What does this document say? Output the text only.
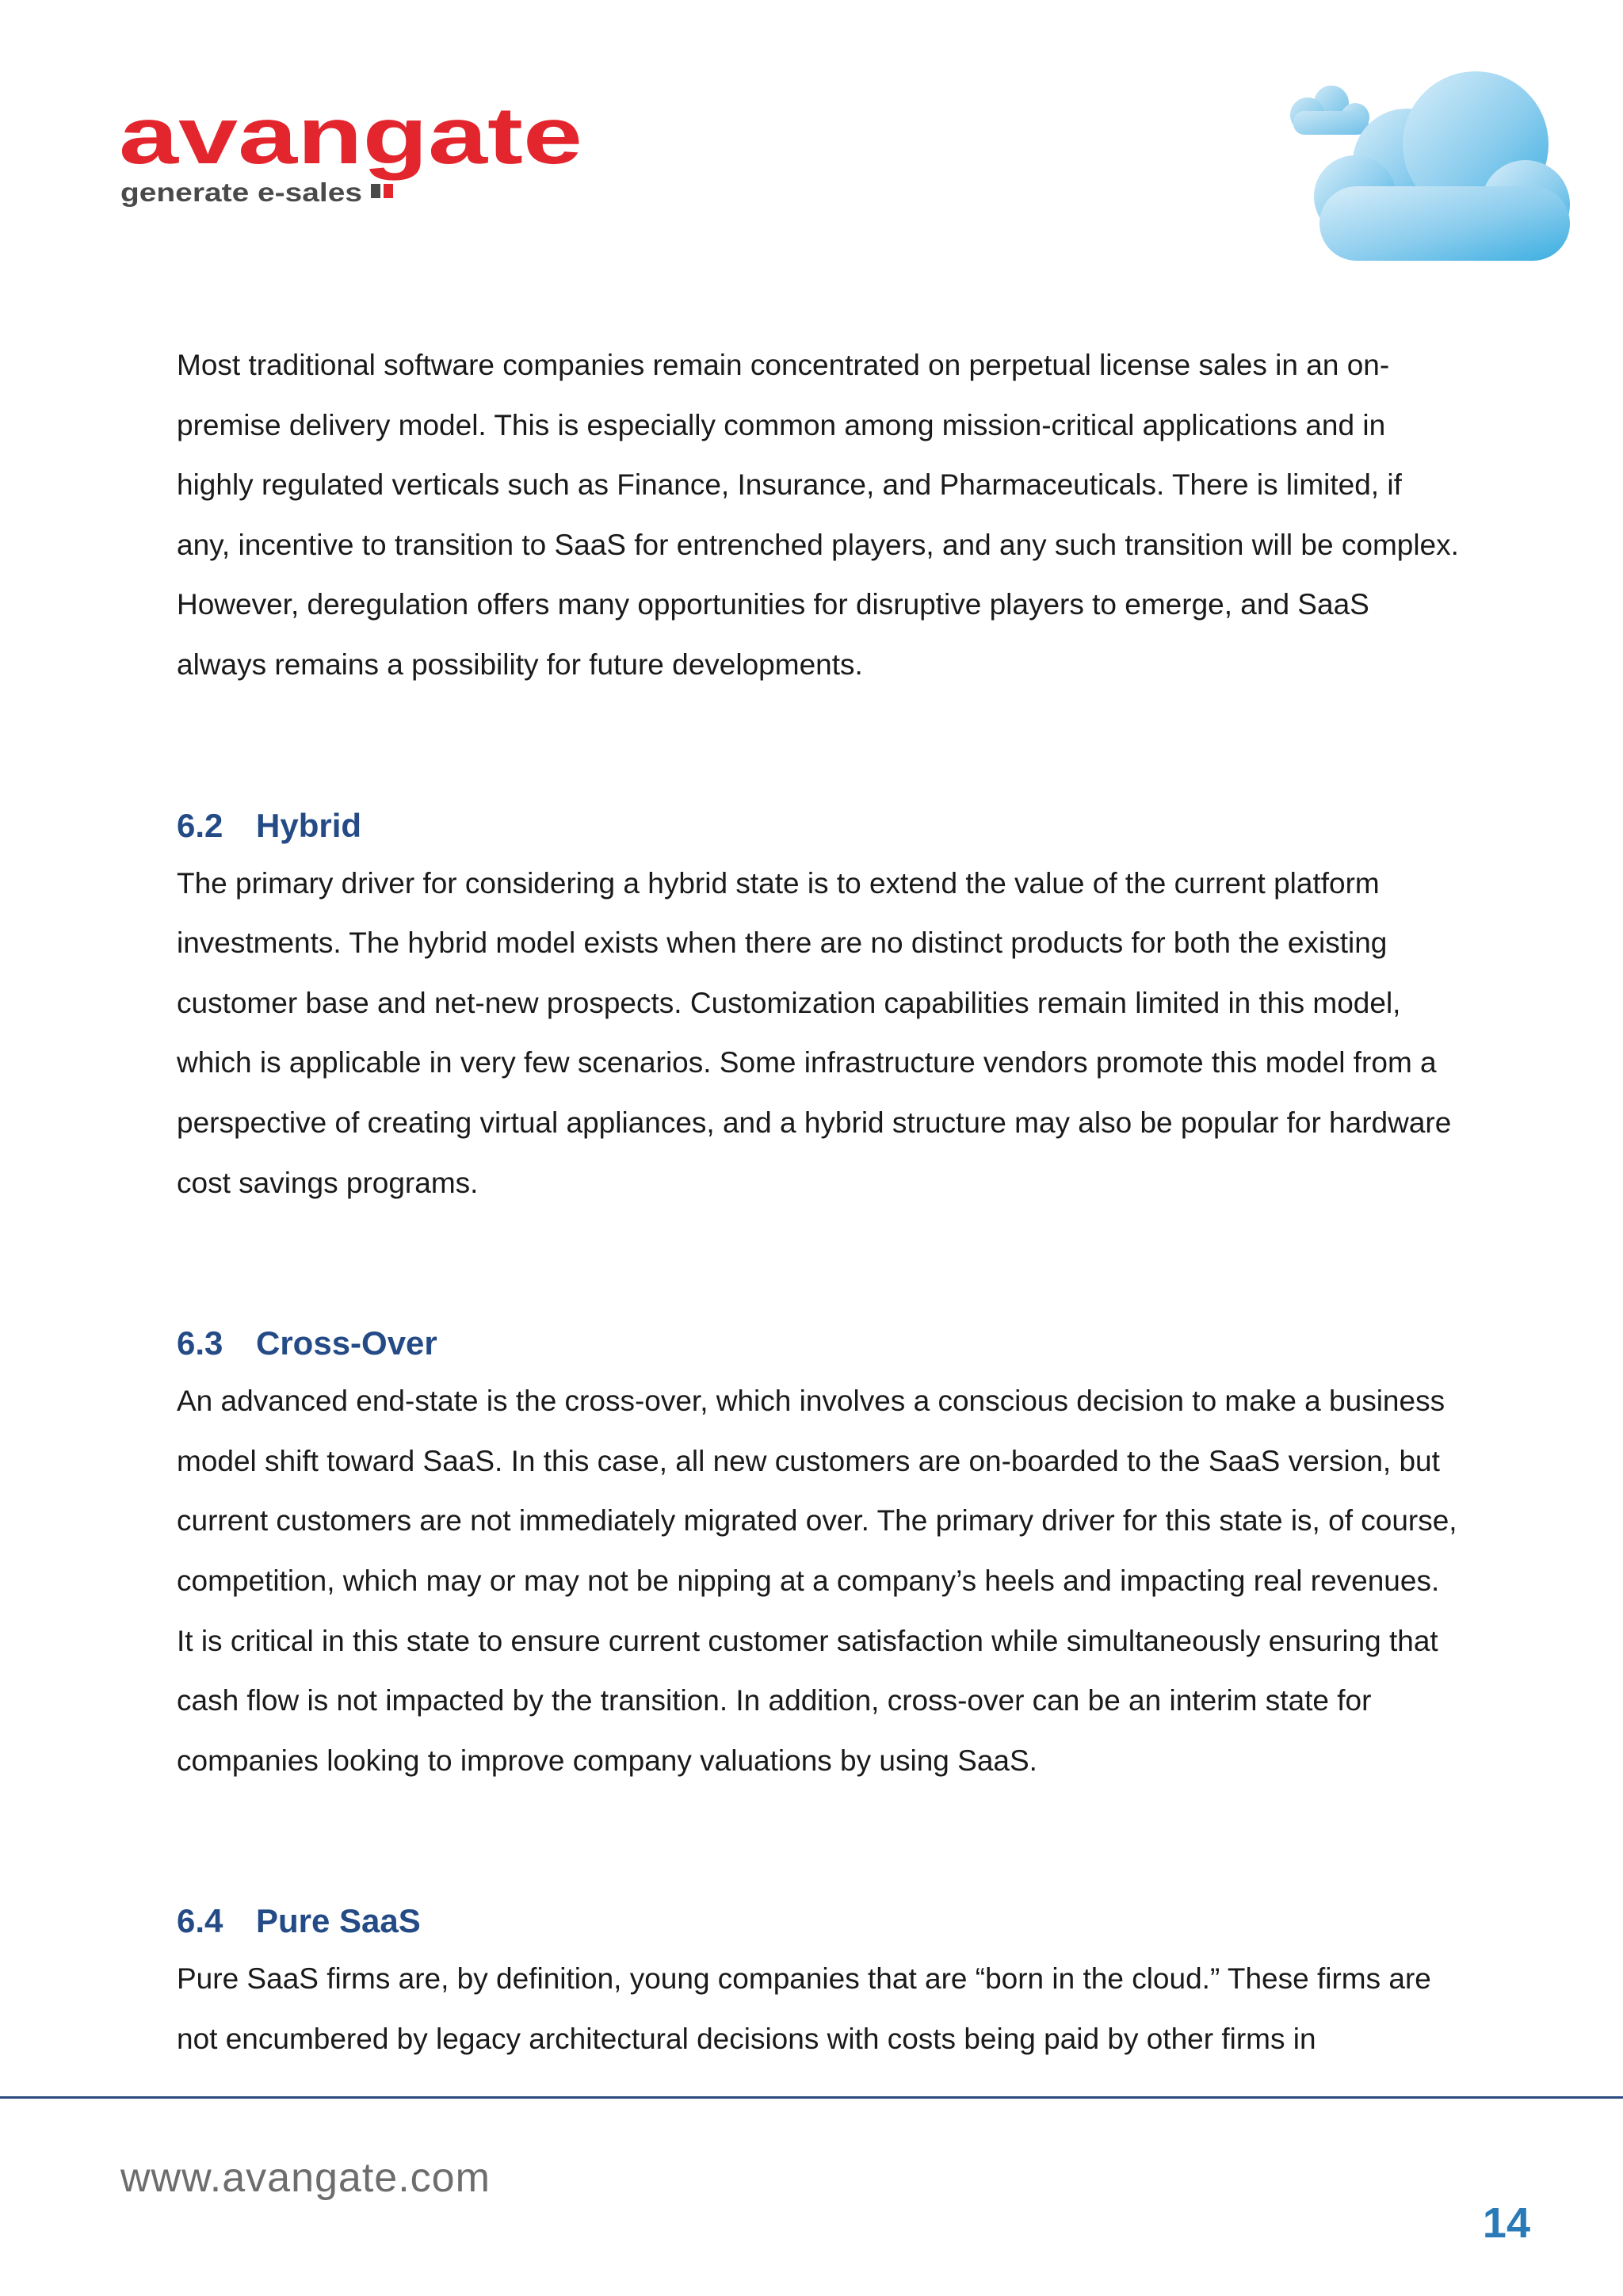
avangate
generate e-sales

Most traditional software companies remain concentrated on perpetual license sales in an on-premise delivery model. This is especially common among mission-critical applications and in highly regulated verticals such as Finance, Insurance, and Pharmaceuticals. There is limited, if any, incentive to transition to SaaS for entrenched players, and any such transition will be complex. However, deregulation offers many opportunities for disruptive players to emerge, and SaaS always remains a possibility for future developments.

6.2 Hybrid

The primary driver for considering a hybrid state is to extend the value of the current platform investments. The hybrid model exists when there are no distinct products for both the existing customer base and net-new prospects. Customization capabilities remain limited in this model, which is applicable in very few scenarios. Some infrastructure vendors promote this model from a perspective of creating virtual appliances, and a hybrid structure may also be popular for hardware cost savings programs.

6.3 Cross-Over

An advanced end-state is the cross-over, which involves a conscious decision to make a business model shift toward SaaS. In this case, all new customers are on-boarded to the SaaS version, but current customers are not immediately migrated over. The primary driver for this state is, of course, competition, which may or may not be nipping at a company’s heels and impacting real revenues. It is critical in this state to ensure current customer satisfaction while simultaneously ensuring that cash flow is not impacted by the transition. In addition, cross-over can be an interim state for companies looking to improve company valuations by using SaaS.

6.4 Pure SaaS

Pure SaaS firms are, by definition, young companies that are “born in the cloud.” These firms are not encumbered by legacy architectural decisions with costs being paid by other firms in

www.avangate.com
14
